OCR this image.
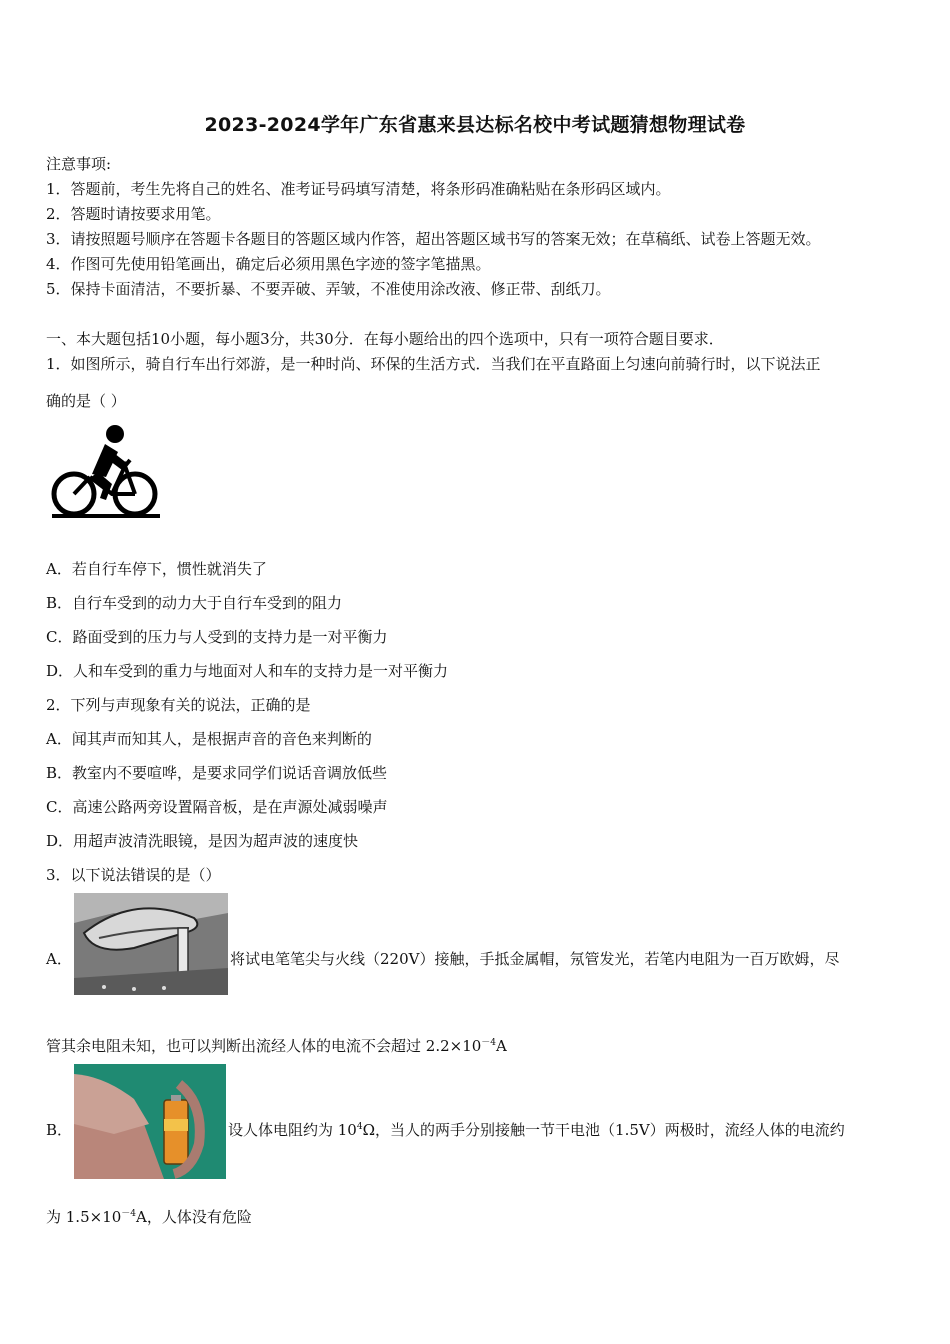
2023-2024学年广东省惠来县达标名校中考试题猜想物理试卷
注意事项:
1．答题前，考生先将自己的姓名、准考证号码填写清楚，将条形码准确粘贴在条形码区域内。
2．答题时请按要求用笔。
3．请按照题号顺序在答题卡各题目的答题区域内作答，超出答题区域书写的答案无效；在草稿纸、试卷上答题无效。
4．作图可先使用铅笔画出，确定后必须用黑色字迹的签字笔描黑。
5．保持卡面清洁，不要折暴、不要弄破、弄皱，不准使用涂改液、修正带、刮纸刀。
一、本大题包括10小题，每小题3分，共30分．在每小题给出的四个选项中，只有一项符合题目要求．
1．如图所示，骑自行车出行郊游，是一种时尚、环保的生活方式．当我们在平直路面上匀速向前骑行时，以下说法正
确的是（ ）
A．若自行车停下，惯性就消失了
B．自行车受到的动力大于自行车受到的阻力
C．路面受到的压力与人受到的支持力是一对平衡力
D．人和车受到的重力与地面对人和车的支持力是一对平衡力
2．下列与声现象有关的说法，正确的是
A．闻其声而知其人，是根据声音的音色来判断的
B．教室内不要喧哗，是要求同学们说话音调放低些
C．高速公路两旁设置隔音板，是在声源处减弱噪声
D．用超声波清洗眼镜，是因为超声波的速度快
3．以下说法错误的是（）
A．	将试电笔笔尖与火线（220V）接触，手抵金属帽，氖管发光，若笔内电阻为一百万欧姆，尽
管其余电阻未知，也可以判断出流经人体的电流不会超过 $2.2\times 10^{-4}A$
B．	设人体电阻约为 $10^4\Omega$，当人的两手分别接触一节干电池（1.5V）两极时，流经人体的电流约
为 $1.5\times 10^{-4}A$，人体没有危险
